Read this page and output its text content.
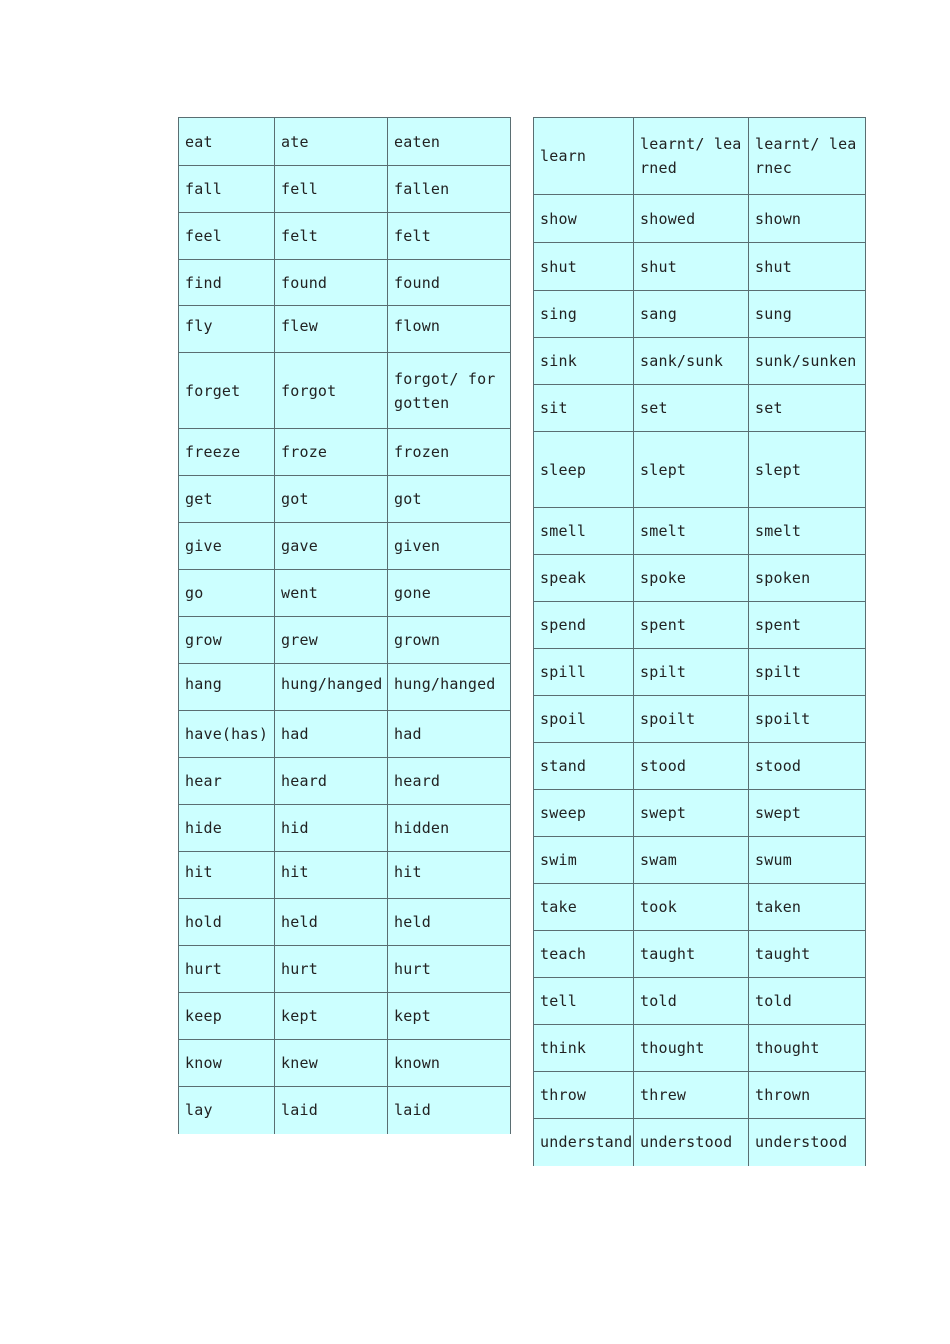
eat	ate	eaten
fall	fell	fallen
feel	felt	felt
find	found	found
fly	flew	flown
forget	forgot	forgot/ forgotten
freeze	froze	frozen
get	got	got
give	gave	given
go	went	gone
grow	grew	grown
hang	hung/hanged	hung/hanged
have(has)	had	had
hear	heard	heard
hide	hid	hidden
hit	hit	hit
hold	held	held
hurt	hurt	hurt
keep	kept	kept
know	knew	known
lay	laid	laid
learn	learnt/ learned	learnt/ learnec
show	showed	shown
shut	shut	shut
sing	sang	sung
sink	sank/sunk	sunk/sunken
sit	set	set
sleep	slept	slept
smell	smelt	smelt
speak	spoke	spoken
spend	spent	spent
spill	spilt	spilt
spoil	spoilt	spoilt
stand	stood	stood
sweep	swept	swept
swim	swam	swum
take	took	taken
teach	taught	taught
tell	told	told
think	thought	thought
throw	threw	thrown
understand	understood	understood
